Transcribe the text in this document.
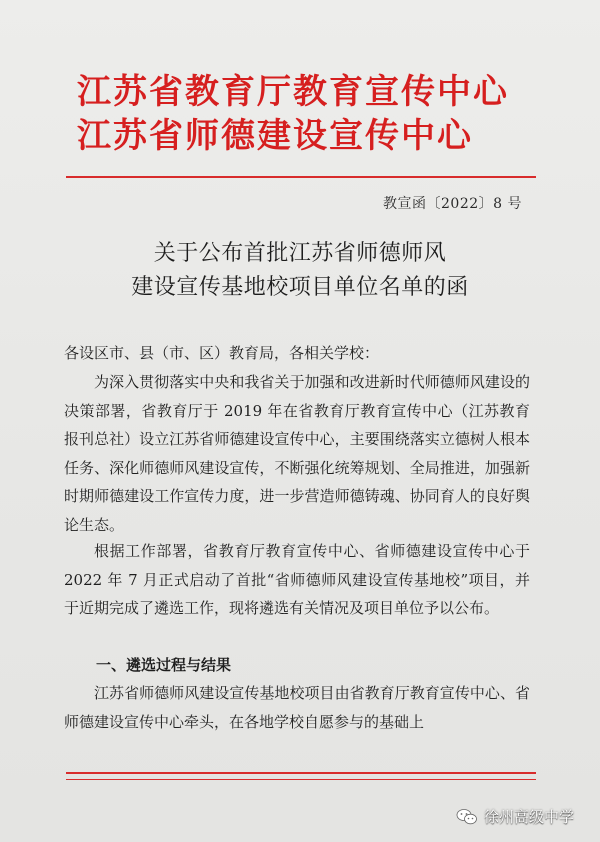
江苏省教育厅教育宣传中心
江苏省师德建设宣传中心
教宣函〔2022〕8 号
关于公布首批江苏省师德师风
建设宣传基地校项目单位名单的函
各设区市、县（市、区）教育局，各相关学校：
为深入贯彻落实中央和我省关于加强和改进新时代师德师风建设的决策部署，省教育厅于 2019 年在省教育厅教育宣传中心（江苏教育报刊总社）设立江苏省师德建设宣传中心，主要围绕落实立德树人根本任务、深化师德师风建设宣传，不断强化统筹规划、全局推进，加强新时期师德建设工作宣传力度，进一步营造师德铸魂、协同育人的良好舆论生态。
根据工作部署，省教育厅教育宣传中心、省师德建设宣传中心于 2022 年 7 月正式启动了首批“省师德师风建设宣传基地校”项目，并于近期完成了遴选工作，现将遴选有关情况及项目单位予以公布。
一、遴选过程与结果
江苏省师德师风建设宣传基地校项目由省教育厅教育宣传中心、省师德建设宣传中心牵头，在各地学校自愿参与的基础上
徐州高级中学
